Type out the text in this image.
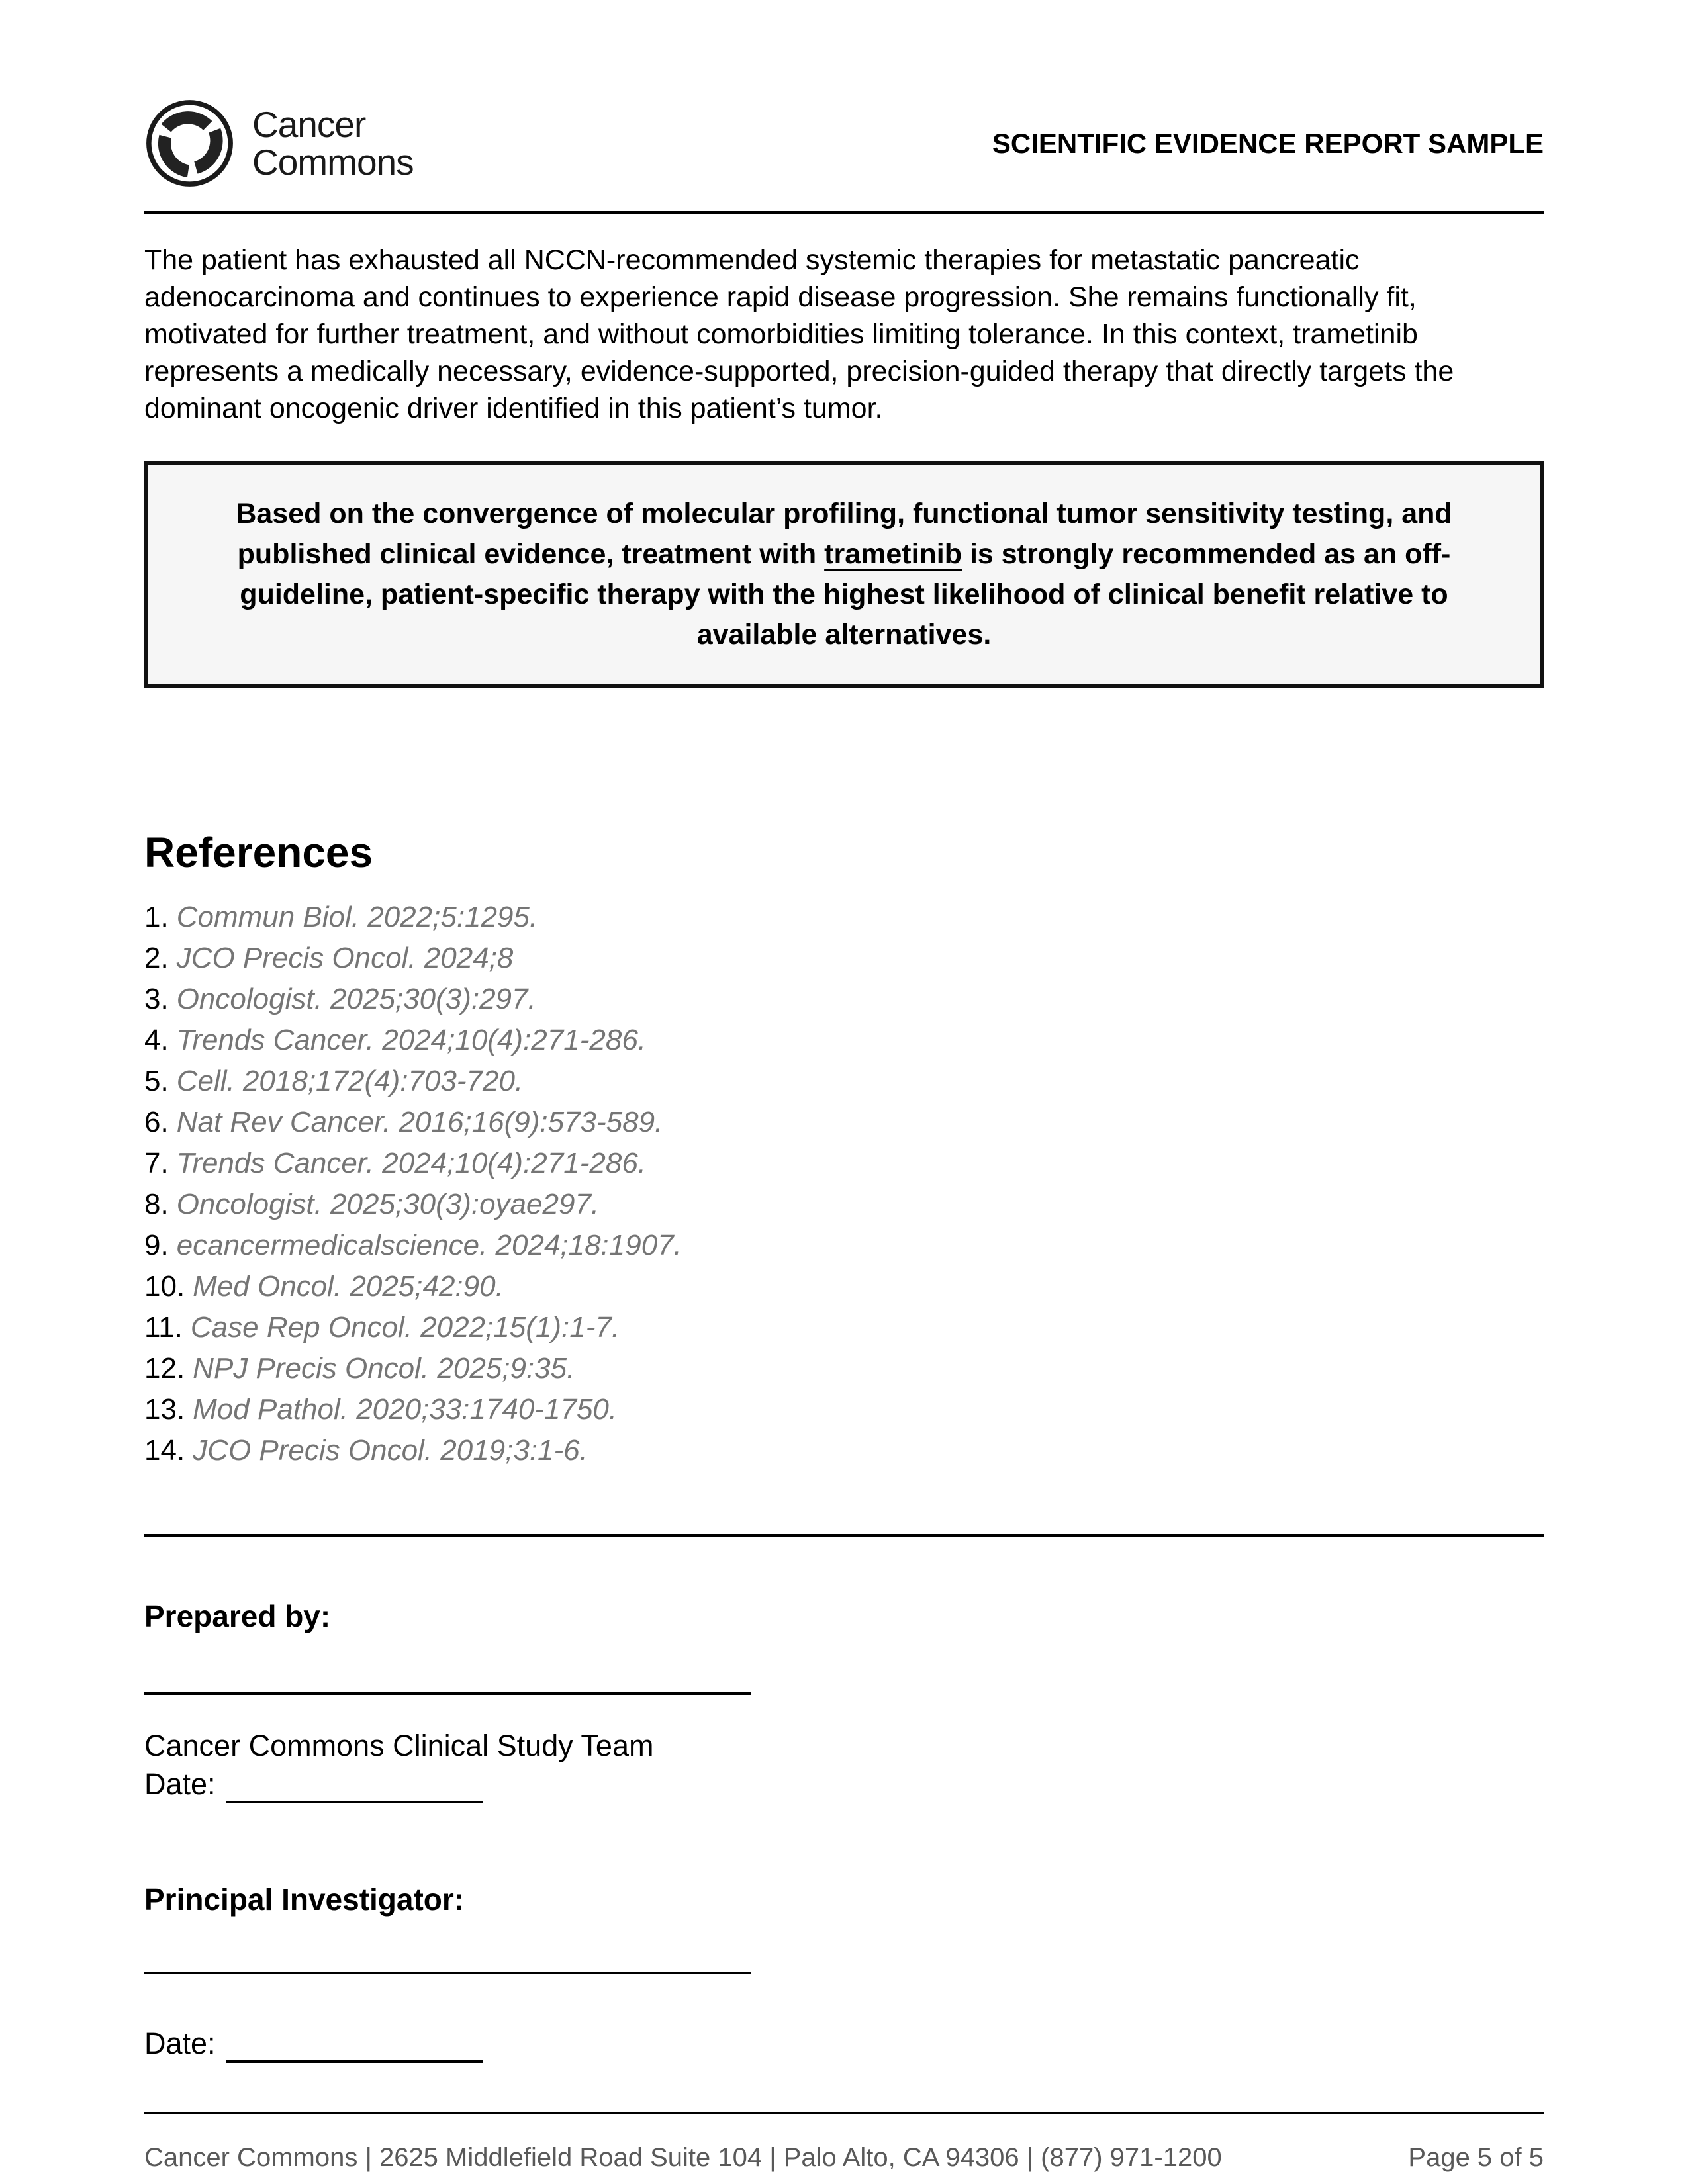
Cancer
Commons	SCIENTIFIC EVIDENCE REPORT SAMPLE

The patient has exhausted all NCCN-recommended systemic therapies for metastatic pancreatic adenocarcinoma and continues to experience rapid disease progression. She remains functionally fit, motivated for further treatment, and without comorbidities limiting tolerance. In this context, trametinib represents a medically necessary, evidence-supported, precision-guided therapy that directly targets the dominant oncogenic driver identified in this patient’s tumor.

Based on the convergence of molecular profiling, functional tumor sensitivity testing, and published clinical evidence, treatment with trametinib is strongly recommended as an off-guideline, patient-specific therapy with the highest likelihood of clinical benefit relative to available alternatives.
References
1. Commun Biol. 2022;5:1295.
2. JCO Precis Oncol. 2024;8
3. Oncologist. 2025;30(3):297.
4. Trends Cancer. 2024;10(4):271-286.
5. Cell. 2018;172(4):703-720.
6. Nat Rev Cancer. 2016;16(9):573-589.
7. Trends Cancer. 2024;10(4):271-286.
8. Oncologist. 2025;30(3):oyae297.
9. ecancermedicalscience. 2024;18:1907.
10. Med Oncol. 2025;42:90.
11. Case Rep Oncol. 2022;15(1):1-7.
12. NPJ Precis Oncol. 2025;9:35.
13. Mod Pathol. 2020;33:1740-1750.
14. JCO Precis Oncol. 2019;3:1-6.
Prepared by:
Cancer Commons Clinical Study Team
Date:
Principal Investigator:
Date:
Cancer Commons | 2625 Middlefield Road Suite 104 | Palo Alto, CA 94306 | (877) 971-1200	Page 5 of 5
